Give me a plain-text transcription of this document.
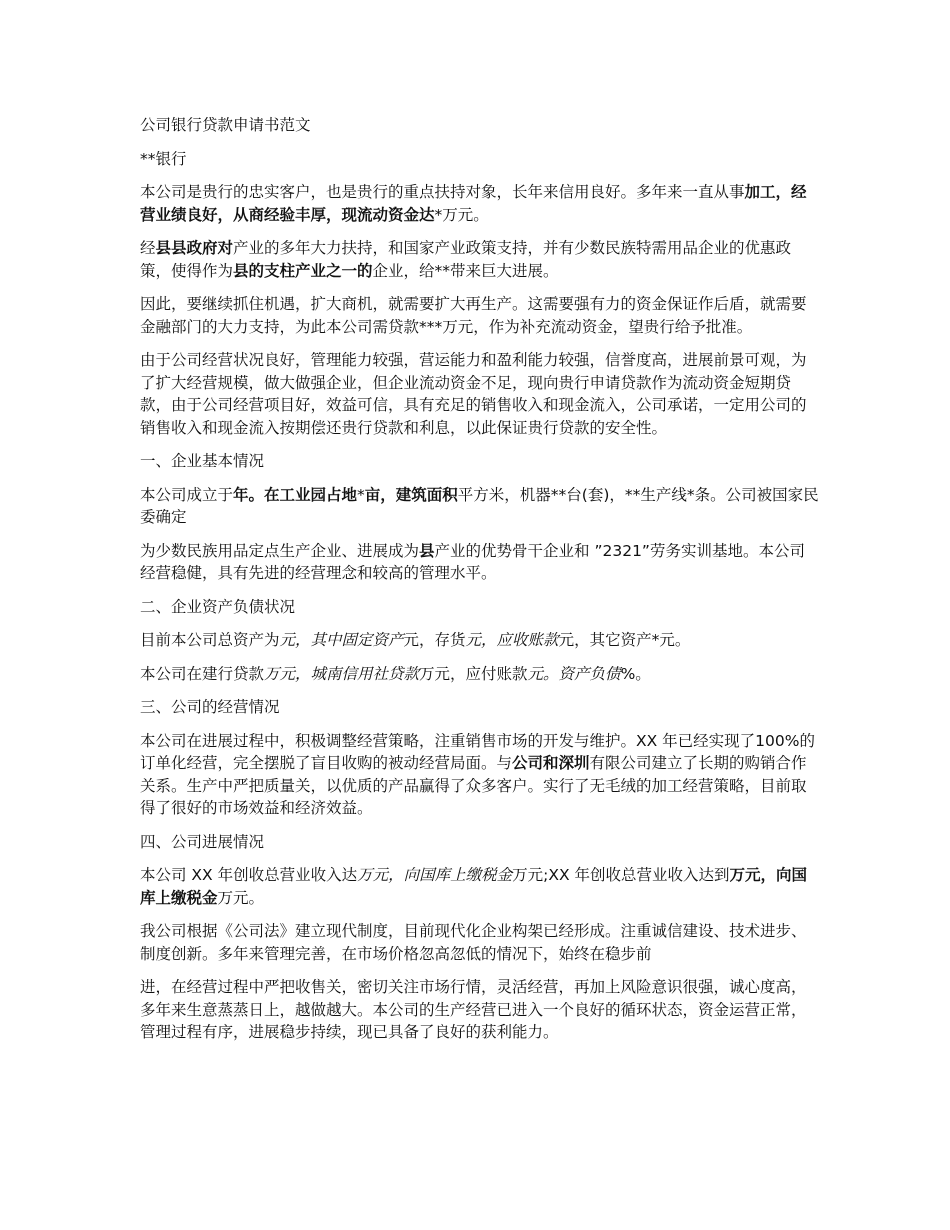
公司银行贷款申请书范文

**银行

本公司是贵行的忠实客户，也是贵行的重点扶持对象，长年来信用良好。多年来一直从事加工，经营业绩良好，从商经验丰厚，现流动资金达*万元。

经县县政府对产业的多年大力扶持，和国家产业政策支持，并有少数民族特需用品企业的优惠政策，使得作为县的支柱产业之一的企业，给**带来巨大进展。

因此，要继续抓住机遇，扩大商机，就需要扩大再生产。这需要强有力的资金保证作后盾，就需要金融部门的大力支持，为此本公司需贷款***万元，作为补充流动资金，望贵行给予批准。

由于公司经营状况良好，管理能力较强，营运能力和盈利能力较强，信誉度高，进展前景可观，为了扩大经营规模，做大做强企业，但企业流动资金不足，现向贵行申请贷款作为流动资金短期贷款，由于公司经营项目好，效益可信，具有充足的销售收入和现金流入，公司承诺，一定用公司的销售收入和现金流入按期偿还贵行贷款和利息，以此保证贵行贷款的安全性。

一、企业基本情况

本公司成立于年。在工业园占地*亩，建筑面积平方米，机器**台(套)，**生产线*条。公司被国家民委确定

为少数民族用品定点生产企业、进展成为县产业的优势骨干企业和 ”2321”劳务实训基地。本公司经营稳健，具有先进的经营理念和较高的管理水平。

二、企业资产负债状况

目前本公司总资产为元，其中固定资产元，存货元，应收账款元，其它资产*元。

本公司在建行贷款万元，城南信用社贷款万元，应付账款元。资产负债%。

三、公司的经营情况

本公司在进展过程中，积极调整经营策略，注重销售市场的开发与维护。XX 年已经实现了100%的订单化经营，完全摆脱了盲目收购的被动经营局面。与公司和深圳有限公司建立了长期的购销合作关系。生产中严把质量关，以优质的产品赢得了众多客户。实行了无毛绒的加工经营策略，目前取得了很好的市场效益和经济效益。

四、公司进展情况

本公司 XX 年创收总营业收入达万元，向国库上缴税金万元;XX 年创收总营业收入达到万元，向国库上缴税金万元。

我公司根据《公司法》建立现代制度，目前现代化企业构架已经形成。注重诚信建设、技术进步、制度创新。多年来管理完善，在市场价格忽高忽低的情况下，始终在稳步前

进，在经营过程中严把收售关，密切关注市场行情，灵活经营，再加上风险意识很强，诚心度高，多年来生意蒸蒸日上，越做越大。本公司的生产经营已进入一个良好的循环状态，资金运营正常，管理过程有序，进展稳步持续，现已具备了良好的获利能力。
